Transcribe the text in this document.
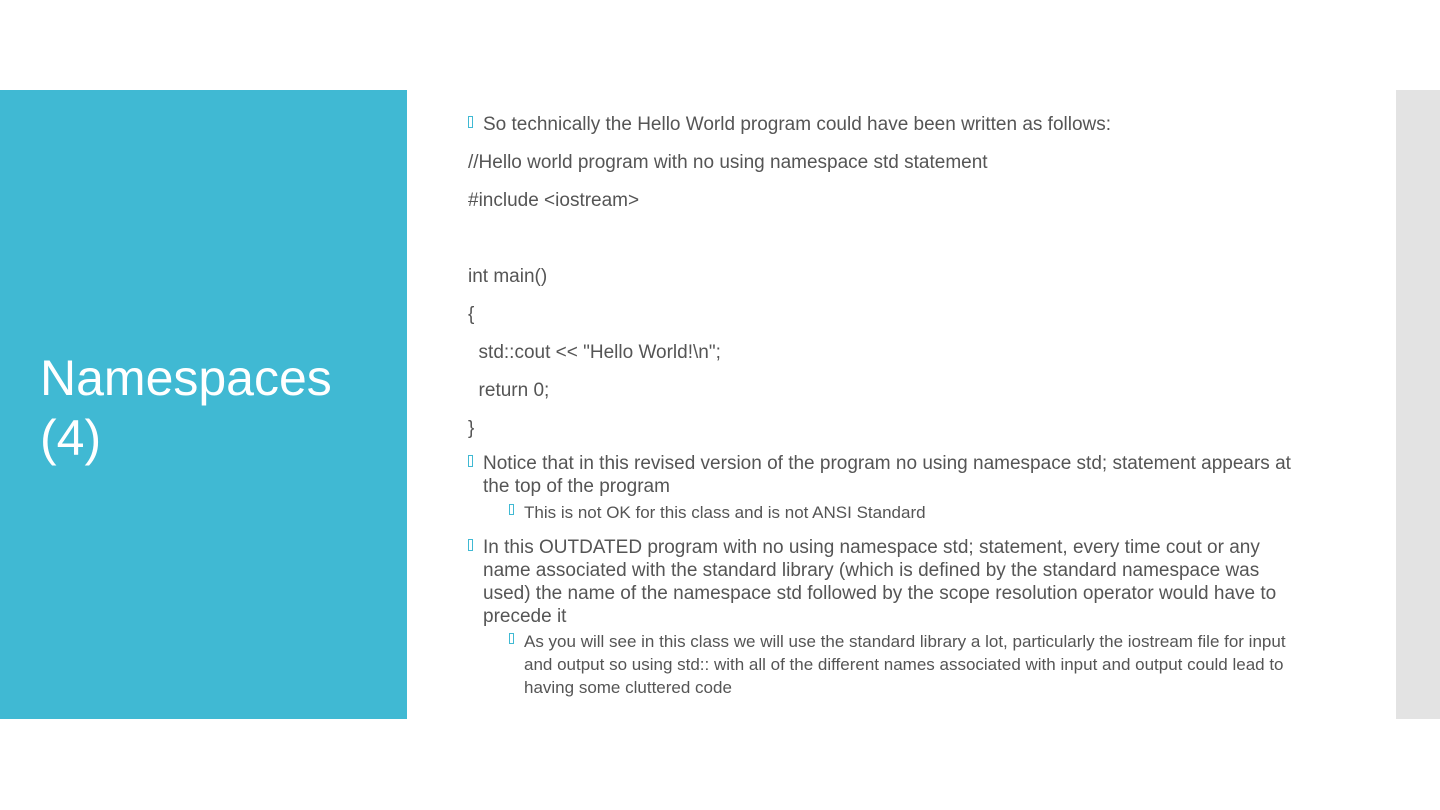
Namespaces (4)
So technically the Hello World program could have been written as follows:
//Hello world program with no using namespace std statement
#include <iostream>
int main()
{
std::cout << "Hello World!\n";
return 0;
}
Notice that in this revised version of the program no using namespace std; statement appears at the top of the program
This is not OK for this class and is not ANSI Standard
In this OUTDATED program with no using namespace std; statement, every time cout or any name associated with the standard library (which is defined by the standard namespace was used) the name of the namespace std followed by the scope resolution operator would have to precede it
As you will see in this class we will use the standard library a lot, particularly the iostream file for input and output so using std:: with all of the different names associated with input and output could lead to having some cluttered code
